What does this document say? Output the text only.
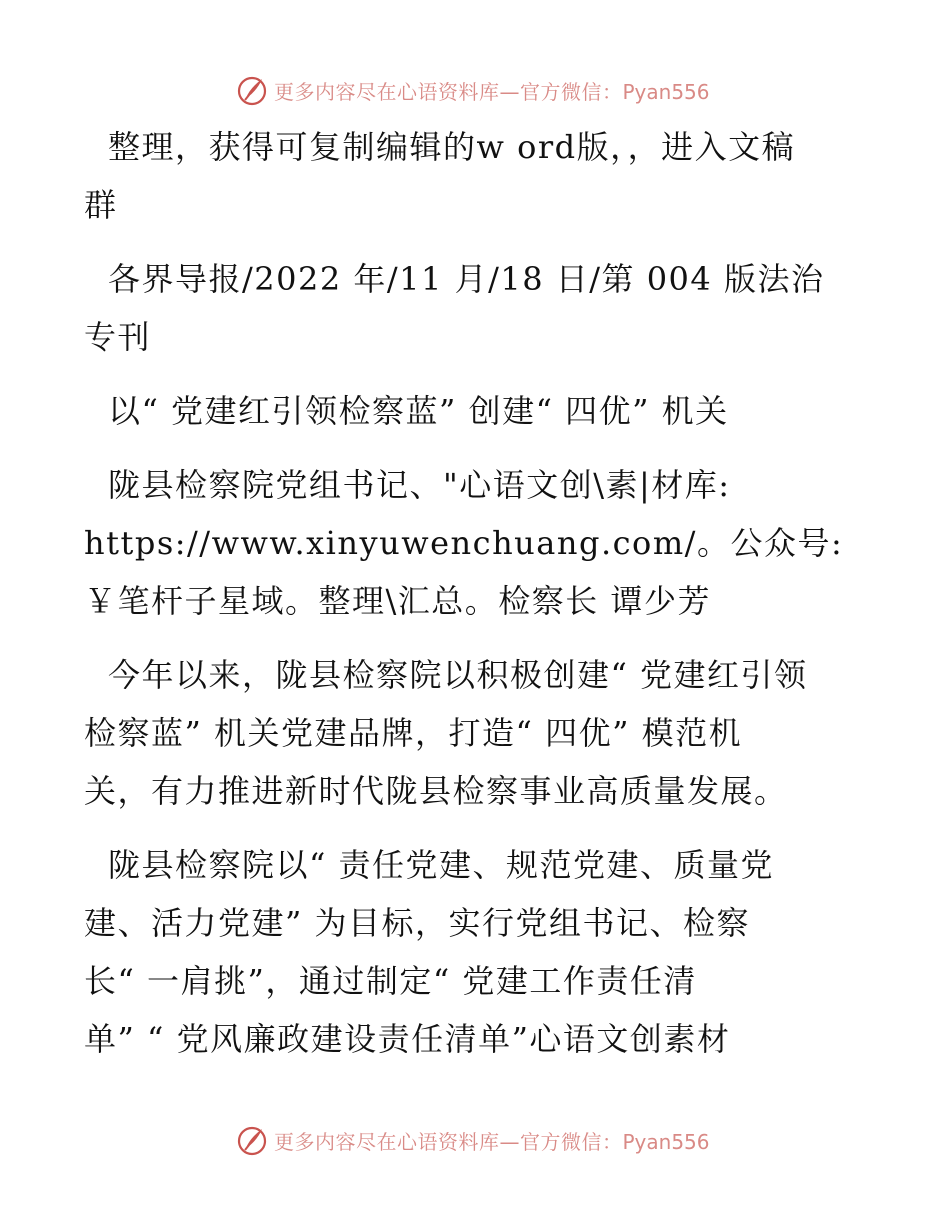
更多内容尽在心语资料库—官方微信：Pyan556
整理，获得可复制编辑的w ord版，，进入文稿
群
各界导报/2022 年/11 月/18 日/第 004 版法治
专刊
以“ 党建红引领检察蓝” 创建“ 四优” 机关
陇县检察院党组书记、"心语文创\素|材库:
https://www.xinyuwenchuang.com/。公众号:
￥笔杆子星域。整理\汇总。检察长 谭少芳
今年以来，陇县检察院以积极创建“ 党建红引领
检察蓝” 机关党建品牌，打造“ 四优” 模范机
关，有力推进新时代陇县检察事业高质量发展。
陇县检察院以“ 责任党建、规范党建、质量党
建、活力党建” 为目标，实行党组书记、检察
长“ 一肩挑”，通过制定“ 党建工作责任清
单” “ 党风廉政建设责任清单”心语文创素材
更多内容尽在心语资料库—官方微信：Pyan556
